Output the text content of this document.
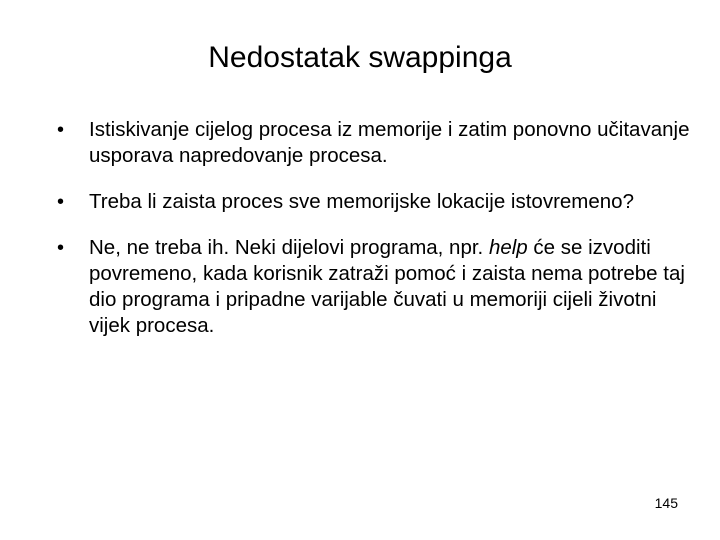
Nedostatak swappinga
• Istiskivanje cijelog procesa iz memorije i zatim ponovno učitavanje usporava napredovanje procesa.
• Treba li zaista proces sve memorijske lokacije istovremeno?
• Ne, ne treba ih. Neki dijelovi programa, npr. help će se izvoditi povremeno, kada korisnik zatraži pomoć i zaista nema potrebe taj dio programa i pripadne varijable čuvati u memoriji cijeli životni vijek procesa.
145
